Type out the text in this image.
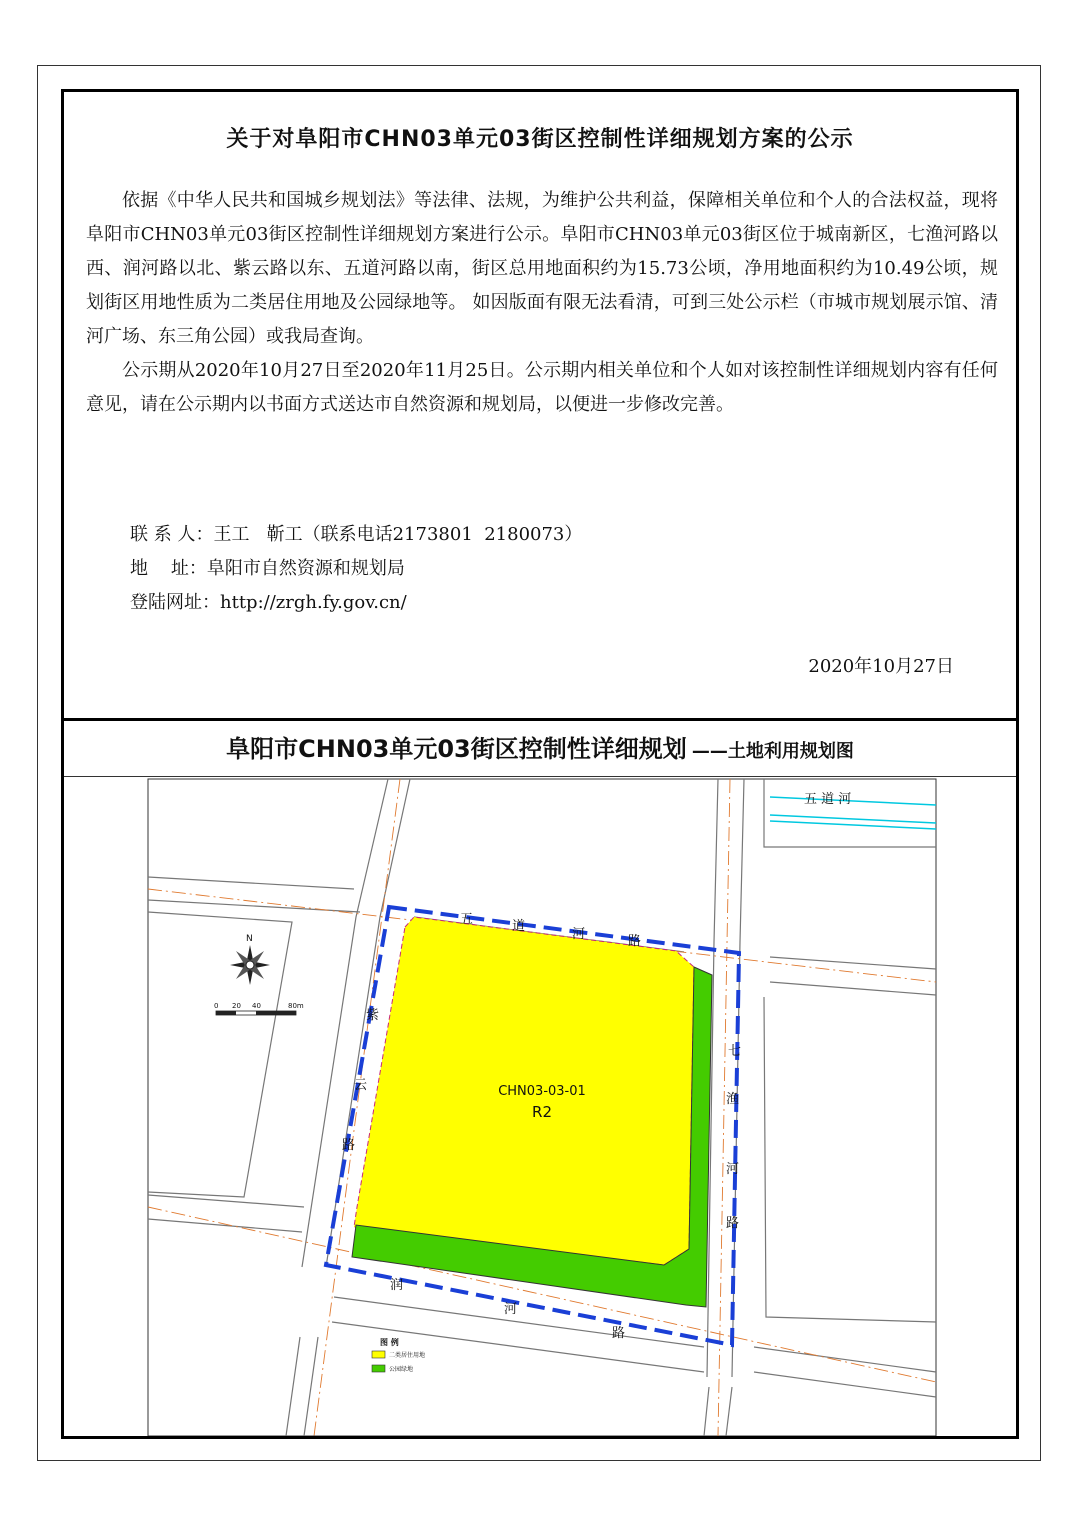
关于对阜阳市CHN03单元03街区控制性详细规划方案的公示

依据《中华人民共和国城乡规划法》等法律、法规，为维护公共利益，保障相关单位和个人的合法权益，现将阜阳市CHN03单元03街区控制性详细规划方案进行公示。阜阳市CHN03单元03街区位于城南新区，七渔河路以西、润河路以北、紫云路以东、五道河路以南，街区总用地面积约为15.73公顷，净用地面积约为10.49公顷，规划街区用地性质为二类居住用地及公园绿地等。 如因版面有限无法看清，可到三处公示栏（市城市规划展示馆、清河广场、东三角公园）或我局查询。

公示期从2020年10月27日至2020年11月25日。公示期内相关单位和个人如对该控制性详细规划内容有任何意见，请在公示期内以书面方式送达市自然资源和规划局，以便进一步修改完善。

联 系 人：王工   靳工（联系电话2173801  2180073）
地    址：阜阳市自然资源和规划局
登陆网址：http://zrgh.fy.gov.cn/
2020年10月27日
阜阳市CHN03单元03街区控制性详细规划 ——土地利用规划图
五 道 河
CHN03-03-01
R2
五	道
河	路
紫
云
路
七
渔
河
路
润
河
路
N
0 20 40	80m
图 例
二类居住用地
公园绿地
